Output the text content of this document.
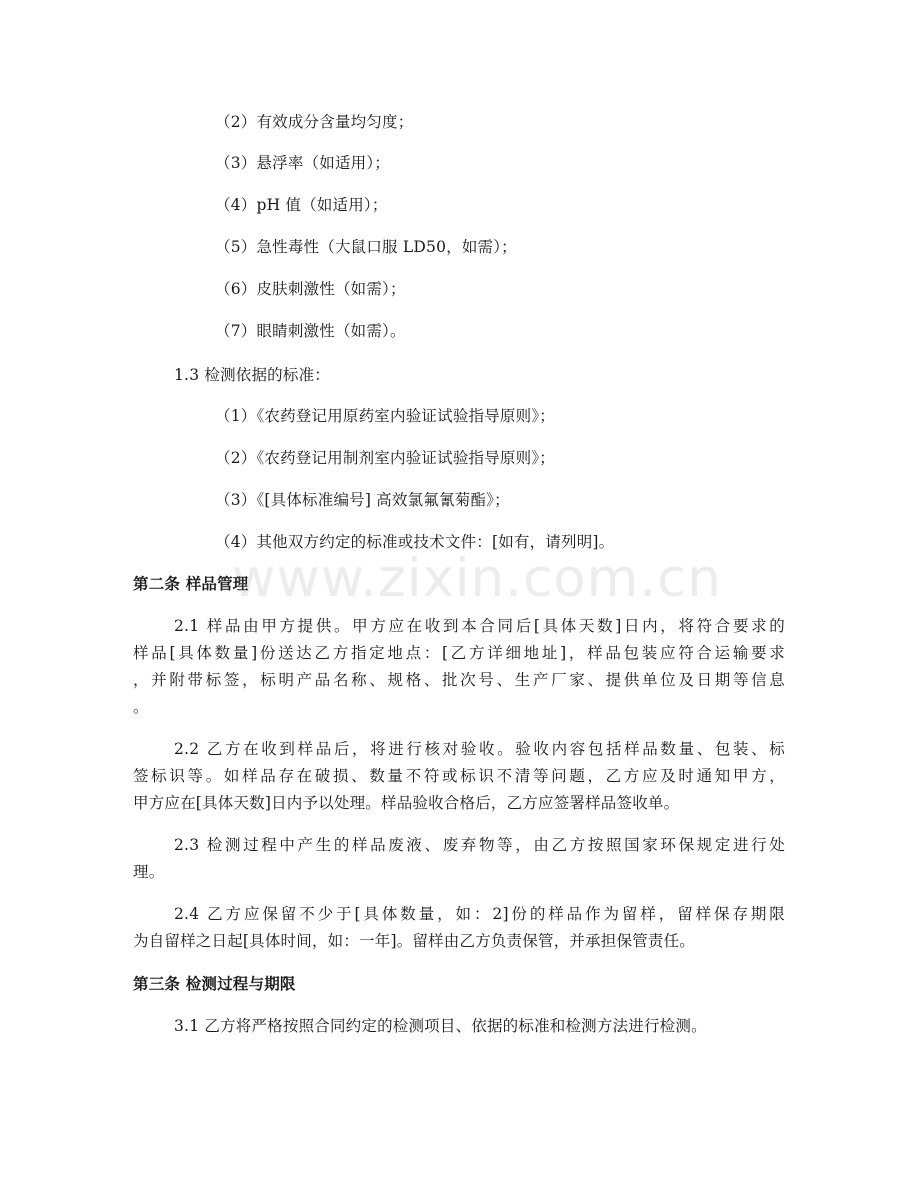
（2）有效成分含量均匀度；
（3）悬浮率（如适用）；
（4）pH 值（如适用）；
（5）急性毒性（大鼠口服 LD50，如需）；
（6）皮肤刺激性（如需）；
（7）眼睛刺激性（如需）。
1.3 检测依据的标准：
（1）《农药登记用原药室内验证试验指导原则》；
（2）《农药登记用制剂室内验证试验指导原则》；
（3）《[具体标准编号] 高效氯氟氰菊酯》；
（4）其他双方约定的标准或技术文件：[如有，请列明]。
第二条 样品管理
2.1 样品由甲方提供。甲方应在收到本合同后[具体天数]日内，将符合要求的
样品[具体数量]份送达乙方指定地点：[乙方详细地址]，样品包装应符合运输要求
，并附带标签，标明产品名称、规格、批次号、生产厂家、提供单位及日期等信息
。
2.2 乙方在收到样品后，将进行核对验收。验收内容包括样品数量、包装、标
签标识等。如样品存在破损、数量不符或标识不清等问题，乙方应及时通知甲方，
甲方应在[具体天数]日内予以处理。样品验收合格后，乙方应签署样品签收单。
2.3 检测过程中产生的样品废液、废弃物等，由乙方按照国家环保规定进行处
理。
2.4 乙方应保留不少于[具体数量，如：2]份的样品作为留样，留样保存期限
为自留样之日起[具体时间，如：一年]。留样由乙方负责保管，并承担保管责任。
第三条 检测过程与期限
3.1 乙方将严格按照合同约定的检测项目、依据的标准和检测方法进行检测。
www.zixin.com.cn
